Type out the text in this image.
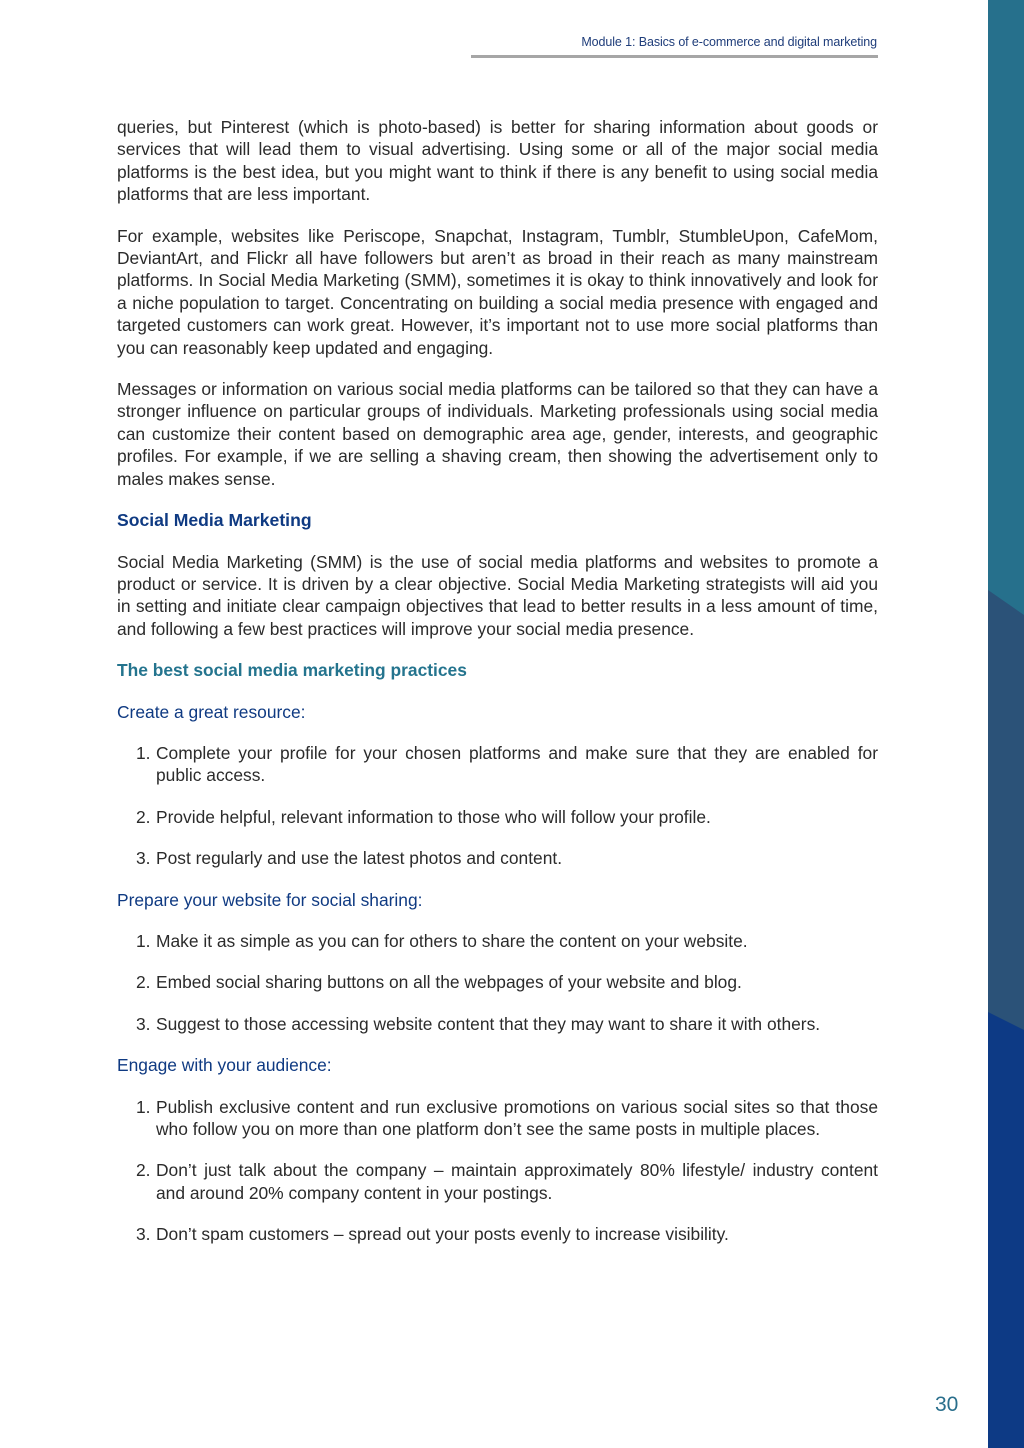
Module 1: Basics of e-commerce and digital marketing

queries, but Pinterest (which is photo-based) is better for sharing information about goods or services that will lead them to visual advertising. Using some or all of the major social media platforms is the best idea, but you might want to think if there is any benefit to using social media platforms that are less important.

For example, websites like Periscope, Snapchat, Instagram, Tumblr, StumbleUpon, CafeMom, DeviantArt, and Flickr all have followers but aren’t as broad in their reach as many mainstream platforms. In Social Media Marketing (SMM), sometimes it is okay to think innovatively and look for a niche population to target. Concentrating on building a social media presence with engaged and targeted customers can work great. However, it’s important not to use more social platforms than you can reasonably keep updated and engaging.

Messages or information on various social media platforms can be tailored so that they can have a stronger influence on particular groups of individuals. Marketing professionals using social media can customize their content based on demographic area age, gender, interests, and geographic profiles. For example, if we are selling a shaving cream, then showing the advertisement only to males makes sense.

Social Media Marketing

Social Media Marketing (SMM) is the use of social media platforms and websites to promote a product or service. It is driven by a clear objective. Social Media Marketing strategists will aid you in setting and initiate clear campaign objectives that lead to better results in a less amount of time, and following a few best practices will improve your social media presence.

The best social media marketing practices
Create a great resource:
1. Complete your profile for your chosen platforms and make sure that they are enabled for public access.
2. Provide helpful, relevant information to those who will follow your profile.
3. Post regularly and use the latest photos and content.
Prepare your website for social sharing:
1. Make it as simple as you can for others to share the content on your website.
2. Embed social sharing buttons on all the webpages of your website and blog.
3. Suggest to those accessing website content that they may want to share it with others.
Engage with your audience:
1. Publish exclusive content and run exclusive promotions on various social sites so that those who follow you on more than one platform don’t see the same posts in multiple places.
2. Don’t just talk about the company – maintain approximately 80% lifestyle/ industry content and around 20% company content in your postings.
3. Don’t spam customers – spread out your posts evenly to increase visibility.
30
